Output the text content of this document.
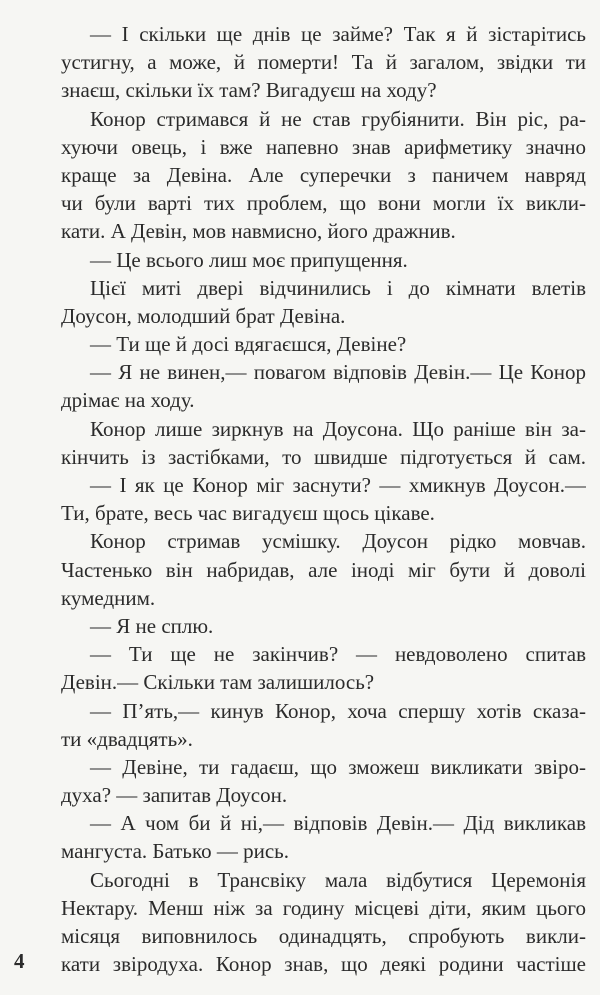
— І скільки ще днів це займе? Так я й зістарітись
устигну, а може, й померти! Та й загалом, звідки ти
знаєш, скільки їх там? Вигадуєш на ходу?
Конор стримався й не став грубіянити. Він ріс, ра-
хуючи овець, і вже напевно знав арифметику значно
краще за Девіна. Але суперечки з паничем навряд
чи були варті тих проблем, що вони могли їх викли-
кати. А Девін, мов навмисно, його дражнив.
— Це всього лиш моє припущення.
Цієї миті двері відчинились і до кімнати влетів
Доусон, молодший брат Девіна.
— Ти ще й досі вдягаєшся, Девіне?
— Я не винен,— повагом відповів Девін.— Це Конор
дрімає на ходу.
Конор лише зиркнув на Доусона. Що раніше він за-
кінчить із застібками, то швидше підготується й сам.
— І як це Конор міг заснути? — хмикнув Доусон.—
Ти, брате, весь час вигадуєш щось цікаве.
Конор стримав усмішку. Доусон рідко мовчав.
Частенько він набридав, але іноді міг бути й доволі
кумедним.
— Я не сплю.
— Ти ще не закінчив? — невдоволено спитав
Девін.— Скільки там залишилось?
— П’ять,— кинув Конор, хоча спершу хотів сказа-
ти «двадцять».
— Девіне, ти гадаєш, що зможеш викликати звіро-
духа? — запитав Доусон.
— А чом би й ні,— відповів Девін.— Дід викликав
мангуста. Батько — рись.
Сьогодні в Трансвіку мала відбутися Церемонія
Нектару. Менш ніж за годину місцеві діти, яким цього
місяця виповнилось одинадцять, спробують викли-
кати звіродуха. Конор знав, що деякі родини частіше
4
